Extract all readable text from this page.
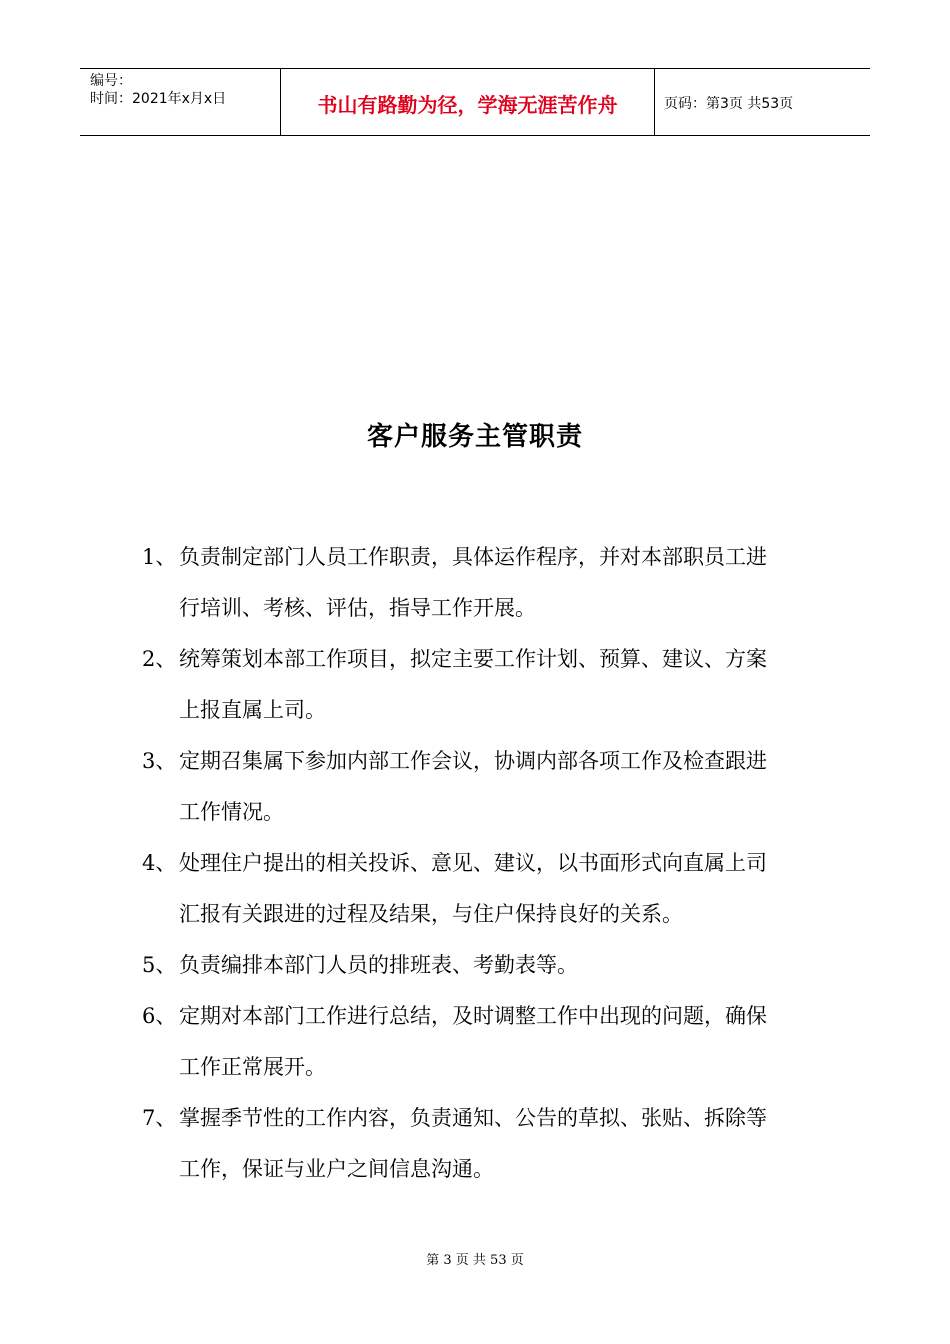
编号：
时间：2021年x月x日	书山有路勤为径，学海无涯苦作舟	页码：第3页 共53页
客户服务主管职责
1、 负责制定部门人员工作职责，具体运作程序，并对本部职员工进
行培训、考核、评估，指导工作开展。
2、 统筹策划本部工作项目，拟定主要工作计划、预算、建议、方案
上报直属上司。
3、 定期召集属下参加内部工作会议，协调内部各项工作及检查跟进
工作情况。
4、 处理住户提出的相关投诉、意见、建议，以书面形式向直属上司
汇报有关跟进的过程及结果，与住户保持良好的关系。
5、 负责编排本部门人员的排班表、考勤表等。
6、 定期对本部门工作进行总结，及时调整工作中出现的问题，确保
工作正常展开。
7、 掌握季节性的工作内容，负责通知、公告的草拟、张贴、拆除等
工作，保证与业户之间信息沟通。
第 3 页 共 53 页
